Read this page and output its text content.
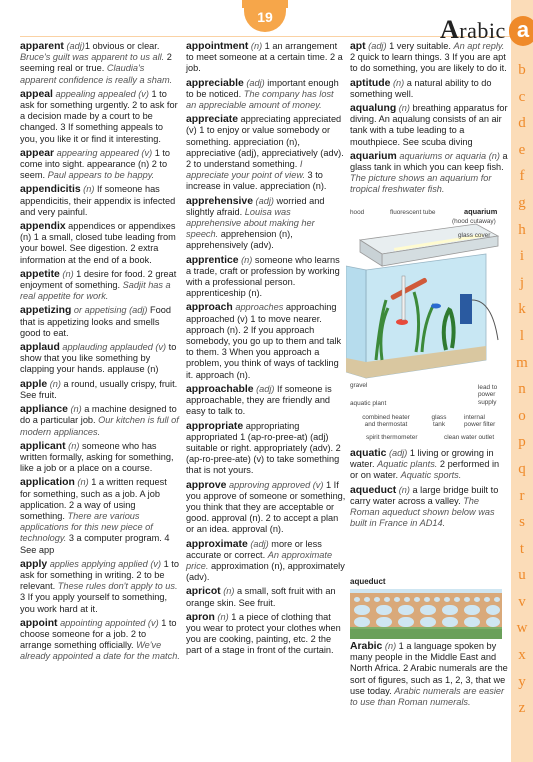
19	Arabic a
b
c
d
e
f
g
h
i
j
k
l
m
n
o
p
q
r
s
t
u
v
w
x
y
z
apparent (adj)1 obvious or clear. Bruce's guilt was apparent to us all. 2 seeming real or true. Claudia's apparent confidence is really a sham.
appeal appealing appealed (v) 1 to ask for something urgently. 2 to ask for a decision made by a court to be changed. 3 If something appeals to you, you like it or find it interesting.
appear appearing appeared (v) 1 to come into sight. appearance (n) 2 to seem. Paul appears to be happy.
appendicitis (n) If someone has appendicitis, their appendix is infected and very painful.
appendix appendices or appendixes (n) 1 a small, closed tube leading from your bowel. See digestion. 2 extra information at the end of a book.
appetite (n) 1 desire for food. 2 great enjoyment of something. Sadjit has a real appetite for work.
appetizing or appetising (adj) Food that is appetizing looks and smells good to eat.
applaud applauding applauded (v) to show that you like something by clapping your hands. applause (n)
apple (n) a round, usually crispy, fruit. See fruit.
appliance (n) a machine designed to do a particular job. Our kitchen is full of modern appliances.
applicant (n) someone who has written formally, asking for something, like a job or a place on a course.
application (n) 1 a written request for something, such as a job. A job application. 2 a way of using something. There are various applications for this new piece of technology. 3 a computer program. 4 See app
apply applies applying applied (v) 1 to ask for something in writing. 2 to be relevant. These rules don't apply to us. 3 If you apply yourself to something, you work hard at it.
appoint appointing appointed (v) 1 to choose someone for a job. 2 to arrange something officially. We've already appointed a date for the match.
appointment (n) 1 an arrangement to meet someone at a certain time. 2 a job.
appreciable (adj) important enough to be noticed. The company has lost an appreciable amount of money.
appreciate appreciating appreciated (v) 1 to enjoy or value somebody or something. appreciation (n), appreciative (adj), appreciatively (adv). 2 to understand something. I appreciate your point of view. 3 to increase in value. appreciation (n).
apprehensive (adj) worried and slightly afraid. Louisa was apprehensive about making her speech. apprehension (n), apprehensively (adv).
apprentice (n) someone who learns a trade, craft or profession by working with a professional person. apprenticeship (n).
approach approaches approaching approached (v) 1 to move nearer. approach (n). 2 If you approach somebody, you go up to them and talk to them. 3 When you approach a problem, you think of ways of tackling it. approach (n).
approachable (adj) If someone is approachable, they are friendly and easy to talk to.
appropriate appropriating appropriated 1 (ap-ro-pree-at) (adj) suitable or right. appropriately (adv). 2 (ap-ro-pree-ate) (v) to take something that is not yours.
approve approving approved (v) 1 If you approve of someone or something, you think that they are acceptable or good. approval (n). 2 to accept a plan or an idea. approval (n).
approximate (adj) more or less accurate or correct. An approximate price. approximation (n), approximately (adv).
apricot (n) a small, soft fruit with an orange skin. See fruit.
apron (n) 1 a piece of clothing that you wear to protect your clothes when you are cooking, painting, etc. 2 the part of a stage in front of the curtain.
apt (adj) 1 very suitable. An apt reply. 2 quick to learn things. 3 If you are apt to do something, you are likely to do it.
aptitude (n) a natural ability to do something well.
aqualung (n) breathing apparatus for diving. An aqualung consists of an air tank with a tube leading to a mouthpiece. See scuba diving
aquarium aquariums or aquaria (n) a glass tank in which you can keep fish. The picture shows an aquarium for tropical freshwater fish.
hood	fluorescent tube	aquarium
(hood cutaway)
glass cover
gravel
aquatic plant
combined heater and thermostat
glass tank
internal power filter
lead to power supply
spirit thermometer	clean water outlet
aquatic (adj) 1 living or growing in water. Aquatic plants. 2 performed in or on water. Aquatic sports.
aqueduct (n) a large bridge built to carry water across a valley. The Roman aqueduct shown below was built in France in AD14.
aqueduct
Arabic (n) 1 a language spoken by many people in the Middle East and North Africa. 2 Arabic numerals are the sort of figures, such as 1, 2, 3, that we use today. Arabic numerals are easier to use than Roman numerals.
